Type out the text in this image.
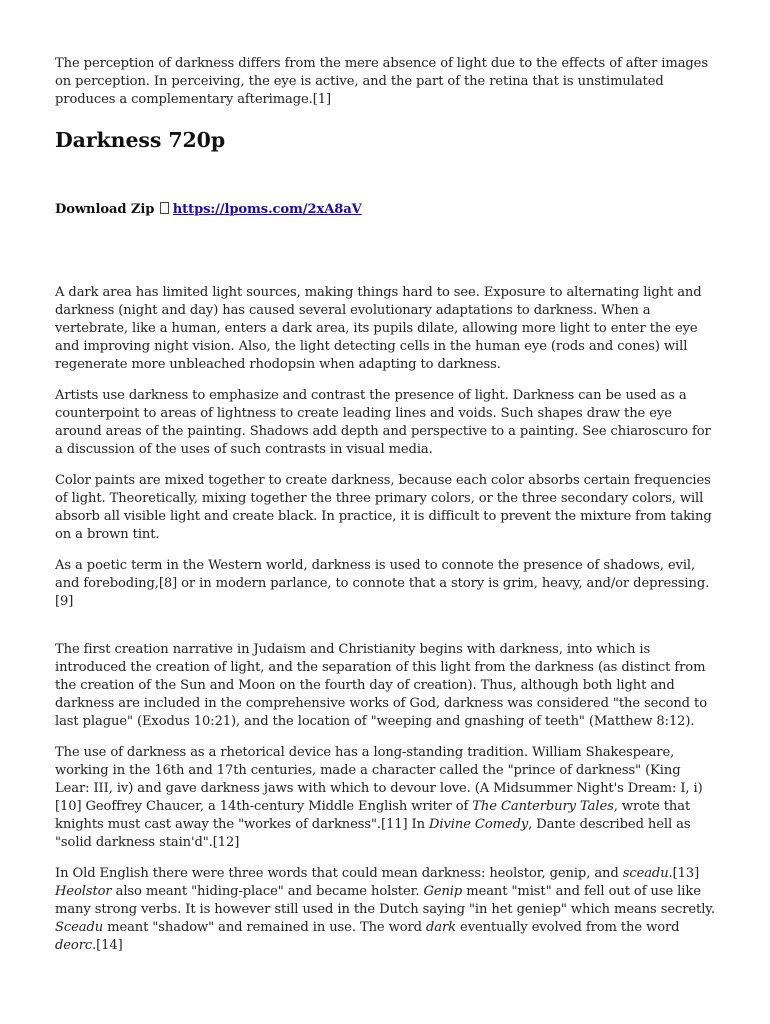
The perception of darkness differs from the mere absence of light due to the effects of after images on perception. In perceiving, the eye is active, and the part of the retina that is unstimulated produces a complementary afterimage.[1]

Darkness 720p

Download Zip https://lpoms.com/2xA8aV

A dark area has limited light sources, making things hard to see. Exposure to alternating light and darkness (night and day) has caused several evolutionary adaptations to darkness. When a vertebrate, like a human, enters a dark area, its pupils dilate, allowing more light to enter the eye and improving night vision. Also, the light detecting cells in the human eye (rods and cones) will regenerate more unbleached rhodopsin when adapting to darkness.

Artists use darkness to emphasize and contrast the presence of light. Darkness can be used as a counterpoint to areas of lightness to create leading lines and voids. Such shapes draw the eye around areas of the painting. Shadows add depth and perspective to a painting. See chiaroscuro for a discussion of the uses of such contrasts in visual media.

Color paints are mixed together to create darkness, because each color absorbs certain frequencies of light. Theoretically, mixing together the three primary colors, or the three secondary colors, will absorb all visible light and create black. In practice, it is difficult to prevent the mixture from taking on a brown tint.

As a poetic term in the Western world, darkness is used to connote the presence of shadows, evil, and foreboding,[8] or in modern parlance, to connote that a story is grim, heavy, and/or depressing.[9]

The first creation narrative in Judaism and Christianity begins with darkness, into which is introduced the creation of light, and the separation of this light from the darkness (as distinct from the creation of the Sun and Moon on the fourth day of creation). Thus, although both light and darkness are included in the comprehensive works of God, darkness was considered "the second to last plague" (Exodus 10:21), and the location of "weeping and gnashing of teeth" (Matthew 8:12).

The use of darkness as a rhetorical device has a long-standing tradition. William Shakespeare, working in the 16th and 17th centuries, made a character called the "prince of darkness" (King Lear: III, iv) and gave darkness jaws with which to devour love. (A Midsummer Night's Dream: I, i)[10] Geoffrey Chaucer, a 14th-century Middle English writer of The Canterbury Tales, wrote that knights must cast away the "workes of darkness".[11] In Divine Comedy, Dante described hell as "solid darkness stain'd".[12]

In Old English there were three words that could mean darkness: heolstor, genip, and sceadu.[13] Heolstor also meant "hiding-place" and became holster. Genip meant "mist" and fell out of use like many strong verbs. It is however still used in the Dutch saying "in het geniep" which means secretly. Sceadu meant "shadow" and remained in use. The word dark eventually evolved from the word deorc.[14]
